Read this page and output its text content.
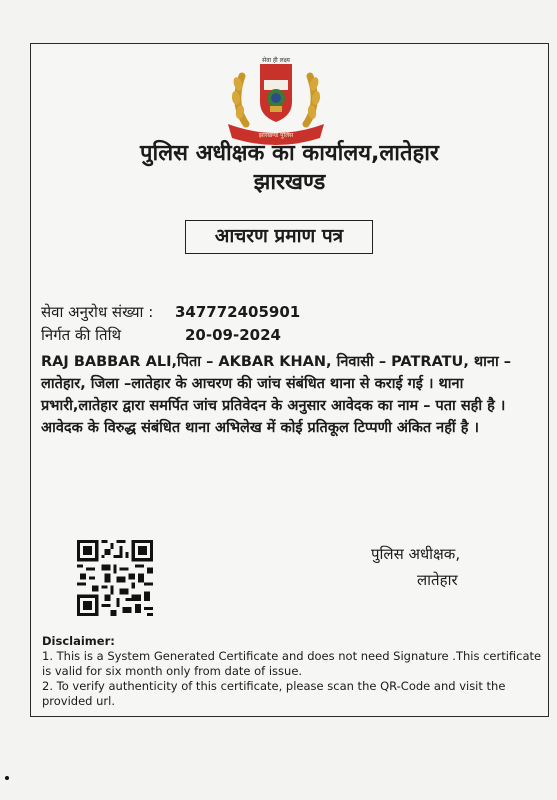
सेवा ही लक्ष्य
झारखण्ड पुलिस
पुलिस अधीक्षक का कार्यालय,लातेहार
झारखण्ड
आचरण प्रमाण पत्र
सेवा अनुरोध संख्या : 347772405901
निर्गत की तिथि	20-09-2024
RAJ BABBAR ALI,पिता – AKBAR KHAN, निवासी – PATRATU, थाना –लातेहार, जिला –लातेहार के आचरण की जांच संबंधित थाना से कराई गई । थाना प्रभारी,लातेहार द्वारा समर्पित जांच प्रतिवेदन के अनुसार आवेदक का नाम – पता सही है । आवेदक के विरुद्ध संबंधित थाना अभिलेख में कोई प्रतिकूल टिप्पणी अंकित नहीं है ।
पुलिस अधीक्षक,
लातेहार
Disclaimer:
1. This is a System Generated Certificate and does not need Signature .This certificate is valid for six month only from date of issue.
2. To verify authenticity of this certificate, please scan the QR-Code and visit the provided url.
